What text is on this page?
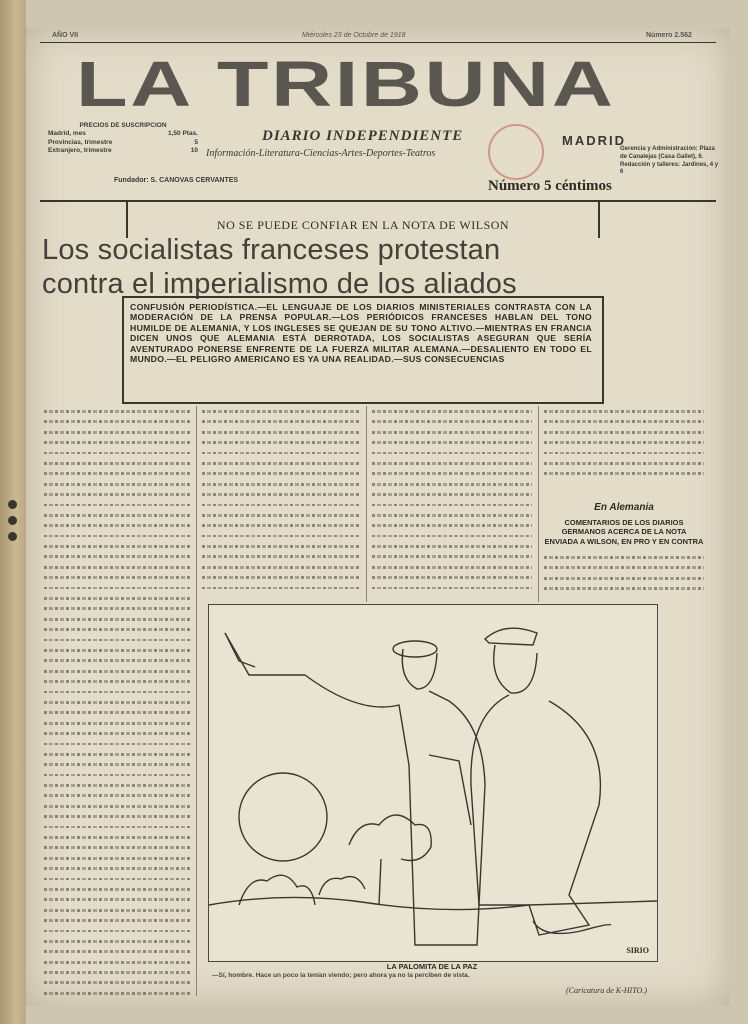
AÑO VII	Miércoles 23 de Octubre de 1918	Número 2.562
LA TRIBUNA
DIARIO INDEPENDIENTE	MADRID
Información-Literatura-Ciencias-Artes-Deportes-Teatros
PRECIOS DE SUSCRIPCION
Madrid, mes	1,50 Ptas.
Provincias, trimestre	5
Extranjero, trimestre	10	Gerencia y Administración: Plaza de Canalejas (Casa Gallet), 6. Redacción y talleres: Jardines, 4 y 6
Fundador: S. CANOVAS CERVANTES	Número 5 céntimos
NO SE PUEDE CONFIAR EN LA NOTA DE WILSON
Los socialistas franceses protestan
contra el imperialismo de los aliados
CONFUSIÓN PERIODÍSTICA.—EL LENGUAJE DE LOS DIARIOS MINISTERIALES CONTRASTA CON LA MODERACIÓN DE LA PRENSA POPULAR.—LOS PERIÓDICOS FRANCESES HABLAN DEL TONO HUMILDE DE ALEMANIA, Y LOS INGLESES SE QUEJAN DE SU TONO ALTIVO.—MIENTRAS EN FRANCIA DICEN UNOS QUE ALEMANIA ESTÁ DERROTADA, LOS SOCIALISTAS ASEGURAN QUE SERÍA AVENTURADO PONERSE ENFRENTE DE LA FUERZA MILITAR ALEMANA.—DESALIENTO EN TODO EL MUNDO.—EL PELIGRO AMERICANO ES YA UNA REALIDAD.—SUS CONSECUENCIAS
En Alemania
COMENTARIOS DE LOS DIARIOS GERMANOS ACERCA DE LA NOTA ENVIADA A WILSON, EN PRO Y EN CONTRA
SIRIO
LA PALOMITA DE LA PAZ
—Sí, hombre. Hace un poco la tenían viendo; pero ahora ya no la perciben de vista.
(Caricatura de K-HITO.)
